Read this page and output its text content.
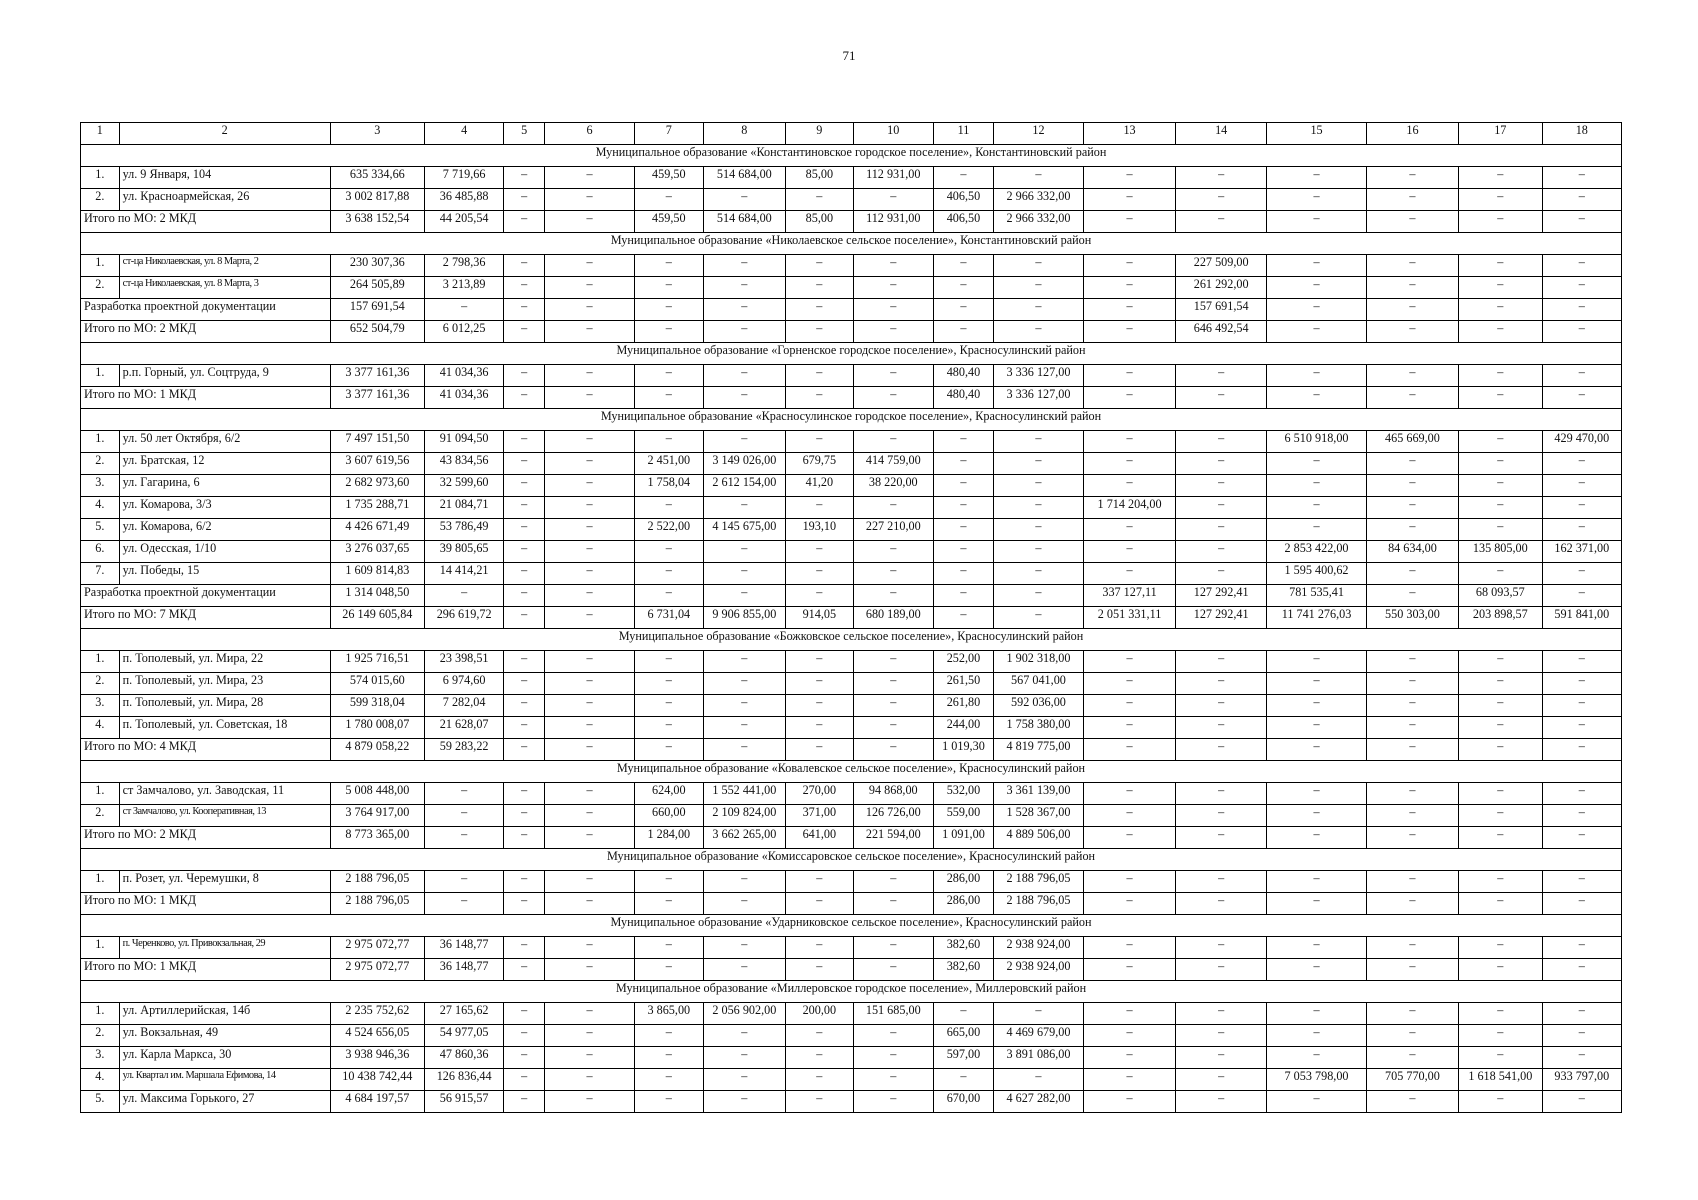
71
1	2	3	4	5	6	7	8	9	10	11	12	13	14	15	16	17	18
Муниципальное образование «Константиновское городское поселение», Константиновский район																	
1.	ул. 9 Января, 104	635 334,66	7 719,66	–	–	459,50	514 684,00	85,00	112 931,00	–	–	–	–	–	–	–	–
2.	ул. Красноармейская, 26	3 002 817,88	36 485,88	–	–	–	–	–	–	406,50	2 966 332,00	–	–	–	–	–	–
Итого по МО: 2 МКД		3 638 152,54	44 205,54	–	–	459,50	514 684,00	85,00	112 931,00	406,50	2 966 332,00	–	–	–	–	–	–
Муниципальное образование «Николаевское сельское поселение», Константиновский район																	
1.	ст-ца Николаевская, ул. 8 Марта, 2	230 307,36	2 798,36	–	–	–	–	–	–	–	–	–	227 509,00	–	–	–	–
2.	ст-ца Николаевская, ул. 8 Марта, 3	264 505,89	3 213,89	–	–	–	–	–	–	–	–	–	261 292,00	–	–	–	–
Разработка проектной документации		157 691,54	–	–	–	–	–	–	–	–	–	–	157 691,54	–	–	–	–
Итого по МО: 2 МКД		652 504,79	6 012,25	–	–	–	–	–	–	–	–	–	646 492,54	–	–	–	–
Муниципальное образование «Горненское городское поселение», Красносулинский район																	
1.	р.п. Горный, ул. Соцтруда, 9	3 377 161,36	41 034,36	–	–	–	–	–	–	480,40	3 336 127,00	–	–	–	–	–	–
Итого по МО: 1 МКД		3 377 161,36	41 034,36	–	–	–	–	–	–	480,40	3 336 127,00	–	–	–	–	–	–
Муниципальное образование «Красносулинское городское поселение», Красносулинский район																	
1.	ул. 50 лет Октября, 6/2	7 497 151,50	91 094,50	–	–	–	–	–	–	–	–	–	–	6 510 918,00	465 669,00	–	429 470,00
2.	ул. Братская, 12	3 607 619,56	43 834,56	–	–	2 451,00	3 149 026,00	679,75	414 759,00	–	–	–	–	–	–	–	–
3.	ул. Гагарина, 6	2 682 973,60	32 599,60	–	–	1 758,04	2 612 154,00	41,20	38 220,00	–	–	–	–	–	–	–	–
4.	ул. Комарова, 3/3	1 735 288,71	21 084,71	–	–	–	–	–	–	–	–	1 714 204,00	–	–	–	–	–
5.	ул. Комарова, 6/2	4 426 671,49	53 786,49	–	–	2 522,00	4 145 675,00	193,10	227 210,00	–	–	–	–	–	–	–	–
6.	ул. Одесская, 1/10	3 276 037,65	39 805,65	–	–	–	–	–	–	–	–	–	–	2 853 422,00	84 634,00	135 805,00	162 371,00
7.	ул. Победы, 15	1 609 814,83	14 414,21	–	–	–	–	–	–	–	–	–	–	1 595 400,62	–	–	–
Разработка проектной документации		1 314 048,50	–	–	–	–	–	–	–	–	–	337 127,11	127 292,41	781 535,41	–	68 093,57	–
Итого по МО: 7 МКД		26 149 605,84	296 619,72	–	–	6 731,04	9 906 855,00	914,05	680 189,00	–	–	2 051 331,11	127 292,41	11 741 276,03	550 303,00	203 898,57	591 841,00
Муниципальное образование «Божковское сельское поселение», Красносулинский район																	
1.	п. Тополевый, ул. Мира, 22	1 925 716,51	23 398,51	–	–	–	–	–	–	252,00	1 902 318,00	–	–	–	–	–	–
2.	п. Тополевый, ул. Мира, 23	574 015,60	6 974,60	–	–	–	–	–	–	261,50	567 041,00	–	–	–	–	–	–
3.	п. Тополевый, ул. Мира, 28	599 318,04	7 282,04	–	–	–	–	–	–	261,80	592 036,00	–	–	–	–	–	–
4.	п. Тополевый, ул. Советская, 18	1 780 008,07	21 628,07	–	–	–	–	–	–	244,00	1 758 380,00	–	–	–	–	–	–
Итого по МО: 4 МКД		4 879 058,22	59 283,22	–	–	–	–	–	–	1 019,30	4 819 775,00	–	–	–	–	–	–
Муниципальное образование «Ковалевское сельское поселение», Красносулинский район																	
1.	ст Замчалово, ул. Заводская, 11	5 008 448,00	–	–	–	624,00	1 552 441,00	270,00	94 868,00	532,00	3 361 139,00	–	–	–	–	–	–
2.	ст Замчалово, ул. Кооперативная, 13	3 764 917,00	–	–	–	660,00	2 109 824,00	371,00	126 726,00	559,00	1 528 367,00	–	–	–	–	–	–
Итого по МО: 2 МКД		8 773 365,00	–	–	–	1 284,00	3 662 265,00	641,00	221 594,00	1 091,00	4 889 506,00	–	–	–	–	–	–
Муниципальное образование «Комиссаровское сельское поселение», Красносулинский район																	
1.	п. Розет, ул. Черемушки, 8	2 188 796,05	–	–	–	–	–	–	–	286,00	2 188 796,05	–	–	–	–	–	–
Итого по МО: 1 МКД		2 188 796,05	–	–	–	–	–	–	–	286,00	2 188 796,05	–	–	–	–	–	–
Муниципальное образование «Ударниковское сельское поселение», Красносулинский район																	
1.	п. Черенково, ул. Привокзальная, 29	2 975 072,77	36 148,77	–	–	–	–	–	–	382,60	2 938 924,00	–	–	–	–	–	–
Итого по МО: 1 МКД		2 975 072,77	36 148,77	–	–	–	–	–	–	382,60	2 938 924,00	–	–	–	–	–	–
Муниципальное образование «Миллеровское городское поселение», Миллеровский район																	
1.	ул. Артиллерийская, 14б	2 235 752,62	27 165,62	–	–	3 865,00	2 056 902,00	200,00	151 685,00	–	–	–	–	–	–	–	–
2.	ул. Вокзальная, 49	4 524 656,05	54 977,05	–	–	–	–	–	–	665,00	4 469 679,00	–	–	–	–	–	–
3.	ул. Карла Маркса, 30	3 938 946,36	47 860,36	–	–	–	–	–	–	597,00	3 891 086,00	–	–	–	–	–	–
4.	ул. Квартал им. Маршала Ефимова, 14	10 438 742,44	126 836,44	–	–	–	–	–	–	–	–	–	–	7 053 798,00	705 770,00	1 618 541,00	933 797,00
5.	ул. Максима Горького, 27	4 684 197,57	56 915,57	–	–	–	–	–	–	670,00	4 627 282,00	–	–	–	–	–	–
